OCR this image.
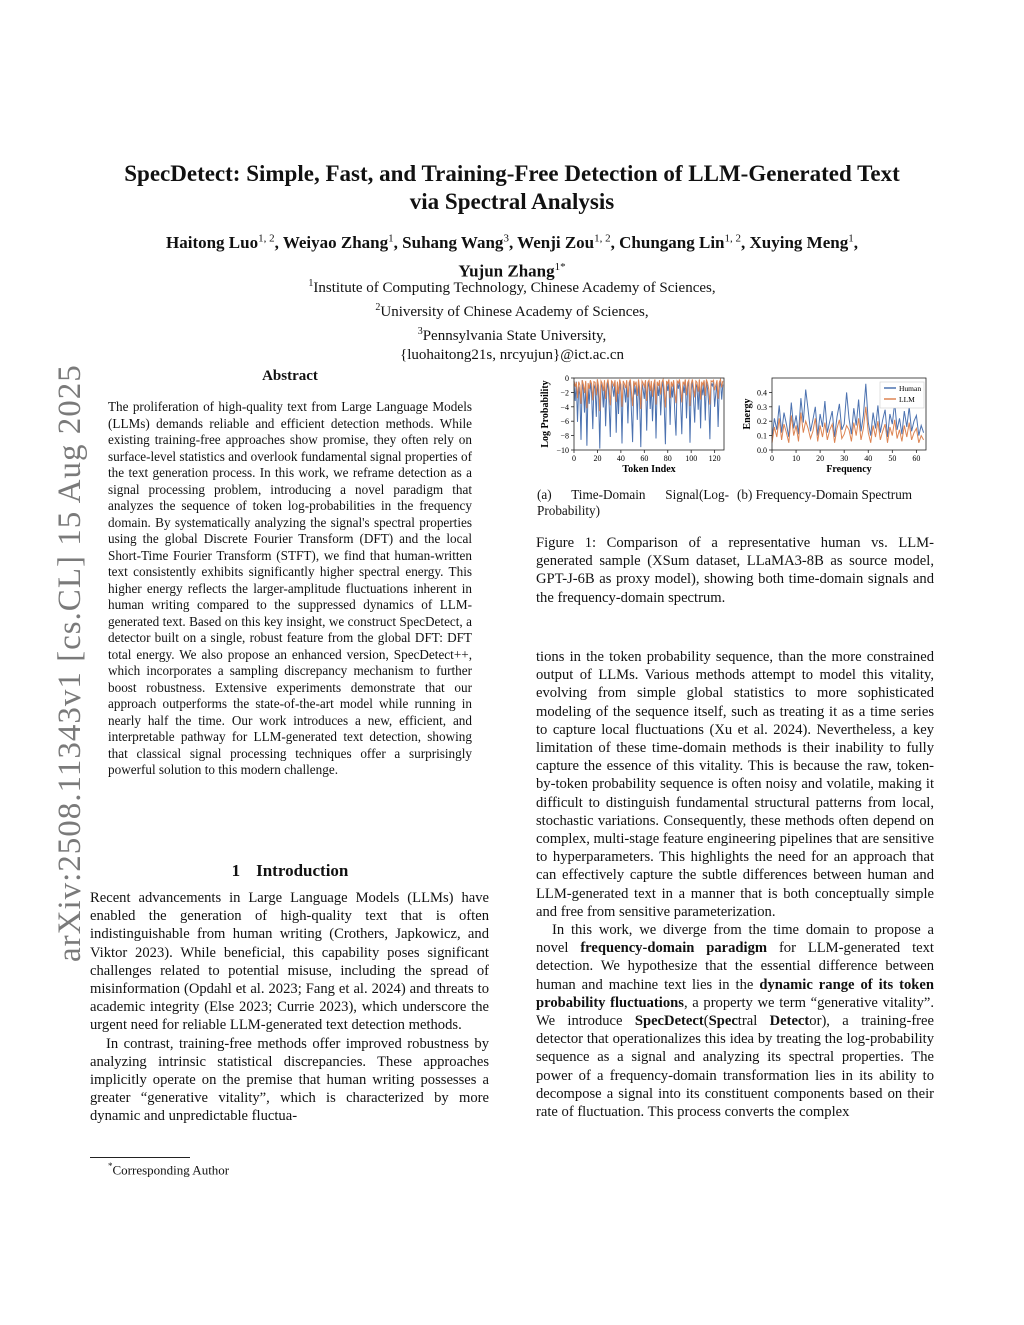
arXiv:2508.11343v1 [cs.CL] 15 Aug 2025
SpecDetect: Simple, Fast, and Training-Free Detection of LLM-Generated Text
via Spectral Analysis
Haitong Luo$^{1, 2}$, Weiyao Zhang$^1$, Suhang Wang$^3$, Wenji Zou$^{1, 2}$, Chungang Lin$^{1, 2}$, Xuying Meng$^1$,
Yujun Zhang$^{1*}$
$^1$Institute of Computing Technology, Chinese Academy of Sciences,
$^2$University of Chinese Academy of Sciences,
$^3$Pennsylvania State University,
{luohaitong21s, nrcyujun}@ict.ac.cn
Abstract

The proliferation of high-quality text from Large Language Models (LLMs) demands reliable and efficient detection methods. While existing training-free approaches show promise, they often rely on surface-level statistics and overlook fundamental signal properties of the text generation process. In this work, we reframe detection as a signal processing problem, introducing a novel paradigm that analyzes the sequence of token log-probabilities in the frequency domain. By systematically analyzing the signal's spectral properties using the global Discrete Fourier Transform (DFT) and the local Short-Time Fourier Transform (STFT), we find that human-written text consistently exhibits significantly higher spectral energy. This higher energy reflects the larger-amplitude fluctuations inherent in human writing compared to the suppressed dynamics of LLM-generated text. Based on this key insight, we construct SpecDetect, a detector built on a single, robust feature from the global DFT: DFT total energy. We also propose an enhanced version, SpecDetect++, which incorporates a sampling discrepancy mechanism to further boost robustness. Extensive experiments demonstrate that our approach outperforms the state-of-the-art model while running in nearly half the time. Our work introduces a new, efficient, and interpretable pathway for LLM-generated text detection, showing that classical signal processing techniques offer a surprisingly powerful solution to this modern challenge.

1 Introduction

Recent advancements in Large Language Models (LLMs) have enabled the generation of high-quality text that is often indistinguishable from human writing (Crothers, Japkowicz, and Viktor 2023). While beneficial, this capability poses significant challenges related to potential misuse, including the spread of misinformation (Opdahl et al. 2023; Fang et al. 2024) and threats to academic integrity (Else 2023; Currie 2023), which underscore the urgent need for reliable LLM-generated text detection methods.

In contrast, training-free methods offer improved robustness by analyzing intrinsic statistical discrepancies. These approaches implicitly operate on the premise that human writing possesses a greater “generative vitality”, which is characterized by more dynamic and unpredictable fluctua-

*Corresponding Author
0 20 40 60 80 100 120
0
−2
−4
−6
−8
−10
Token Index
Log Probability
0 10 20 30 40 50 60
0.0
0.1
0.2
0.3
0.4
Frequency
Energy
Human
LLM
(a) Time-Domain Signal(Log-Probability)
(b) Frequency-Domain Spectrum
Figure 1: Comparison of a representative human vs. LLM-generated sample (XSum dataset, LLaMA3-8B as source model, GPT-J-6B as proxy model), showing both time-domain signals and the frequency-domain spectrum.

tions in the token probability sequence, than the more constrained output of LLMs. Various methods attempt to model this vitality, evolving from simple global statistics to more sophisticated modeling of the sequence itself, such as treating it as a time series to capture local fluctuations (Xu et al. 2024). Nevertheless, a key limitation of these time-domain methods is their inability to fully capture the essence of this vitality. This is because the raw, token-by-token probability sequence is often noisy and volatile, making it difficult to distinguish fundamental structural patterns from local, stochastic variations. Consequently, these methods often depend on complex, multi-stage feature engineering pipelines that are sensitive to hyperparameters. This highlights the need for an approach that can effectively capture the subtle differences between human and LLM-generated text in a manner that is both conceptually simple and free from sensitive parameterization.

In this work, we diverge from the time domain to propose a novel frequency-domain paradigm for LLM-generated text detection. We hypothesize that the essential difference between human and machine text lies in the dynamic range of its token probability fluctuations, a property we term “generative vitality”. We introduce SpecDetect(Spectral Detector), a training-free detector that operationalizes this idea by treating the log-probability sequence as a signal and analyzing its spectral properties. The power of a frequency-domain transformation lies in its ability to decompose a signal into its constituent components based on their rate of fluctuation. This process converts the complex
